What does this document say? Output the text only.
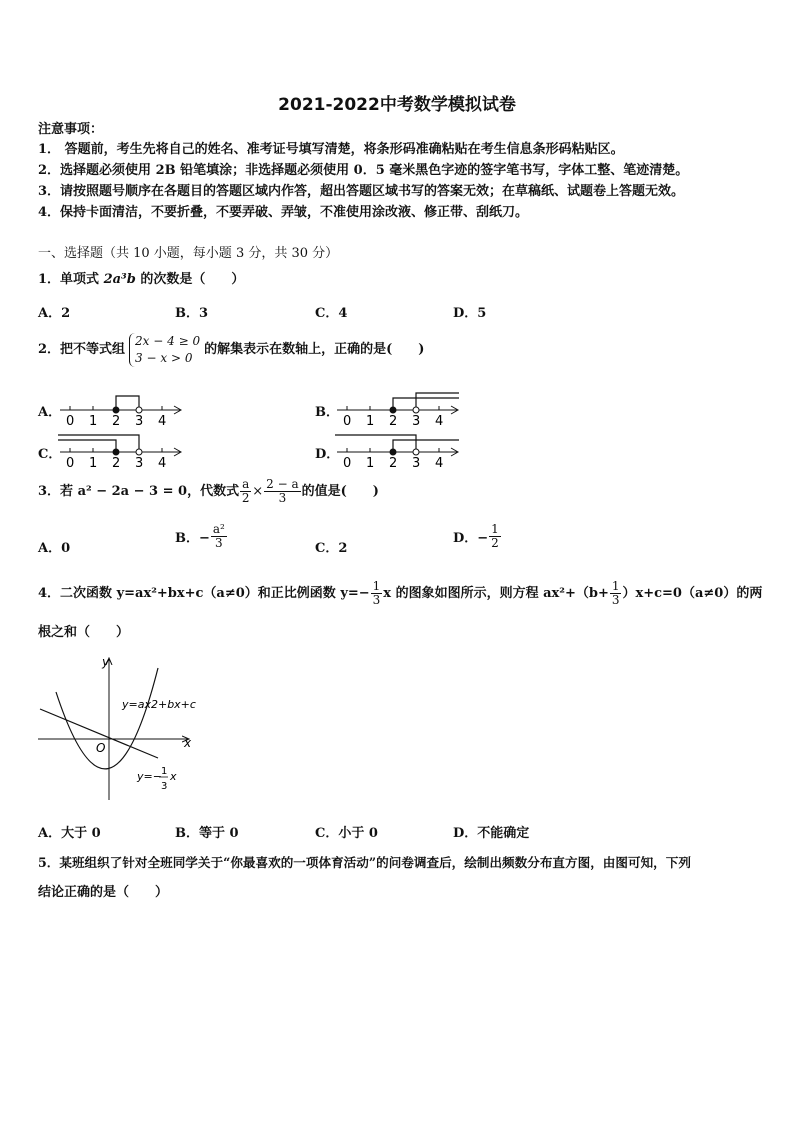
2021-2022中考数学模拟试卷
注意事项：
1． 答题前，考生先将自己的姓名、准考证号填写清楚，将条形码准确粘贴在考生信息条形码粘贴区。
2．选择题必须使用 2B 铅笔填涂；非选择题必须使用 0．5 毫米黑色字迹的签字笔书写，字体工整、笔迹清楚。
3．请按照题号顺序在各题目的答题区域内作答，超出答题区域书写的答案无效；在草稿纸、试题卷上答题无效。
4．保持卡面清洁，不要折叠，不要弄破、弄皱，不准使用涂改液、修正带、刮纸刀。
一、选择题（共 10 小题，每小题 3 分，共 30 分）
1．单项式 2a³b 的次数是（　　）
A．2	B．3	C．4	D．5
2．把不等式组
2x − 4 ≥ 0
3 − x > 0
的解集表示在数轴上，正确的是(　　)
A．	B．
C．	D．
0 1 2 3 4	0 1 2 3 4
0 1 2 3 4	0 1 2 3 4
3．若 a² − 2a − 3 = 0，代数式 $\frac{a}{2} \times \frac{2 - a}{3}$ 的值是(　　)
A．0
B．− $\frac{\text{a²}}{3}$	C．2
D．− $\frac{1}{2}$
4．二次函数 y=ax²+bx+c（a≠0）和正比例函数 $y=- \frac{1}{3}$ x 的图象如图所示，则方程 $ax^2+(b+ \frac{1}{3} )x+c=0(a\ne 0)$的两
根之和（　　）
y
x
O
y=ax2+bx+c
y=− 1
3
x
A．大于 0	B．等于 0	C．小于 0	D．不能确定
5．某班组织了针对全班同学关于“你最喜欢的一项体育活动”的问卷调查后，绘制出频数分布直方图，由图可知，下列
结论正确的是（　　）
